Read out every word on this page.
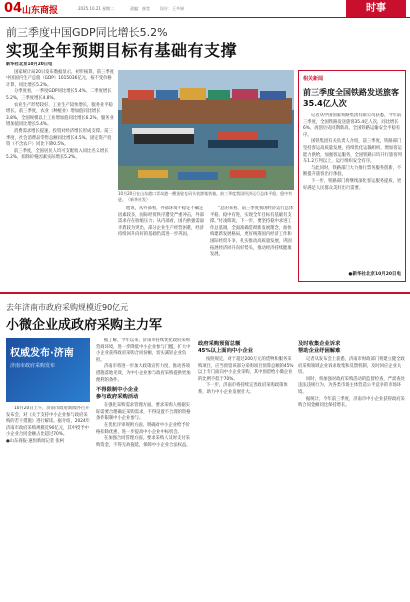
04 山东商报	2025.10.21 星期二	责编：崔莹	设计：王多妍	时事
前三季度中国GDP同比增长5.2%
实现全年预期目标有基础有支撑
新华社北京10月20日电

国家统计局20日发布数据显示，初步核算，前三季度中国国内生产总值（GDP）1015036亿元，按不变价格计算，同比增长5.2%。

分季度看，一季度GDP同比增长5.4%，二季度增长5.2%，三季度增长4.8%。

农业生产形势较好，工业生产较快增长，服务业平稳增长。前三季度，农业（种植业）增加值同比增长3.8%，全国规模以上工业增加值同比增长6.2%，服务业增加值同比增长5.4%。

消费需求增长提速，投资对经济增长形成支撑。前三季度，社会消费品零售总额同比增长4.5%，固定资产投资（不含农户）同比下降0.5%。

前三季度，全国居民人均可支配收入同比名义增长5.2%，扣除价格因素实际增长5.2%。

10月20日在山东港口青岛港一艘货轮在码头装卸集装箱。前三季度我国经济运行总体平稳、稳中有进。（新华社发）

他说，从外部看，外部环境不稳定不确定因素较多，国际经贸秩序遭受严重冲击，外部需求存在收缩压力；从内部看，国内供强需弱矛盾较为突出，部分企业生产经营困难，经济持续回升向好的基础仍需进一步巩固。

“总的来看，前三季度我国经济运行总体平稳、稳中有进，实现全年目标有基础有支撑。”付凌晖说，下一步，要坚持稳中求进工作总基调，全面准确贯彻新发展理念，加快构建新发展格局，更好统筹国内经济工作和国际经贸斗争，扎实推动高质量发展，巩固拓展经济回升向好势头，推动经济持续健康发展。

相关新闻
前三季度全国铁路发送旅客35.4亿人次

记者从中国国家铁路集团有限公司获悉，今年前三季度，全国铁路发送旅客35.4亿人次，同比增长6%，再创历史同期新高，全国铁路运输安全平稳有序。

国铁集团有关负责人介绍，前三季度，铁路部门坚持客运高质量发展，持续优化运输组织，增加客运能力供给，加强客运服务，全国铁路日均开行旅客列车1.2万列以上，运行组织安全有序。

与此同时，铁路部门大力推行票务服务创新，不断提升旅客出行体验。

下一步，铁路部门将继续深化客运服务提质，更好满足人民群众美好出行需要。

●新华社北京10月20日电
去年济南市政府采购规模近90亿元
小微企业成政府采购主力军
权威发布·济南
济南市政府采购发布

10月20日上午，济南市政府新闻办召开发布会，对《关于支持中小企业参与政府采购的若干措施》进行解读。据介绍，2024年济南市政府采购规模近90亿元，其中授予中小企业合同金额占比超过70%。

●山东商报·速豹新闻记者 张柯

据了解，今年以来，济南市持续优化政府采购营商环境，进一步降低中小企业参与门槛，扩大中小企业获得政府采购合同份额，切实减轻企业负担。

济南市将进一步加大政策宣传力度，推动各项措施落地见效，为中小企业参与政府采购提供更加便利的条件。

不得限制中小企业
参与政府采购活动

在强化采购需求管理方面，要求采购人根据实际需要合理确定采购需求，不得设置不合理的资格条件限制中小企业参与。

在优化评审规则方面，明确对中小企业给予价格扣除优惠，进一步提高中小企业中标机会。

在加强合同管理方面，要求采购人及时支付采购资金，不得无故拖延，保障中小企业合法权益。

政府采购预留总额
45%以上面向中小企业

按照规定，对于超过200万元的货物和服务采购项目，应当预留该部分采购项目预算总额的45%以上专门面向中小企业采购，其中预留给小微企业的比例不低于70%。

下一步，济南市将持续完善政府采购政策体系，助力中小企业发展壮大。

及时收集企业诉求
帮助企业纾困解难

记者从发布会上获悉，济南市财政部门将建立健全政府采购领域企业诉求收集和反馈机制，及时回应企业关切。

同时，将加强对政府采购活动的监督检查，严肃查处违法违规行为，为各类市场主体营造公平竞争的市场环境。

据统计，今年前三季度，济南市中小企业获得政府采购合同金额同比保持增长。
